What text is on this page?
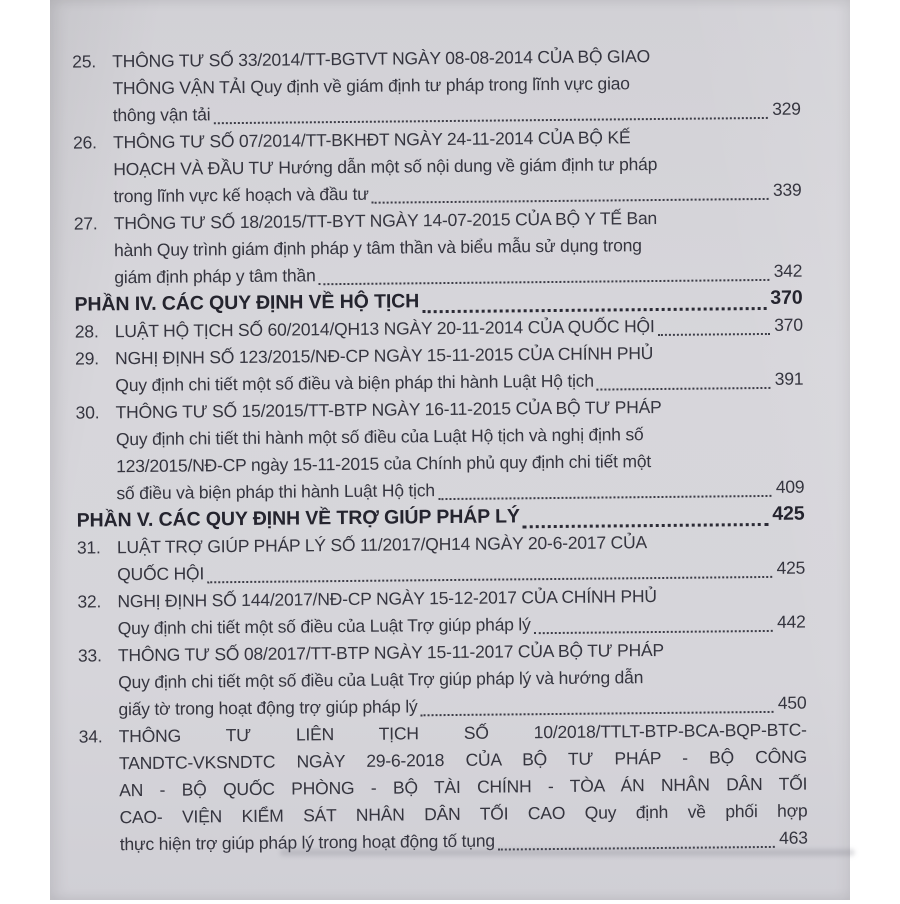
25. THÔNG TƯ SỐ 33/2014/TT-BGTVT NGÀY 08-08-2014 CỦA BỘ GIAO
THÔNG VẬN TẢI Quy định về giám định tư pháp trong lĩnh vực giao
thông vận tải	329
26. THÔNG TƯ SỐ 07/2014/TT-BKHĐT NGÀY 24-11-2014 CỦA BỘ KẾ
HOẠCH VÀ ĐẦU TƯ Hướng dẫn một số nội dung về giám định tư pháp
trong lĩnh vực kế hoạch và đầu tư	339
27. THÔNG TƯ SỐ 18/2015/TT-BYT NGÀY 14-07-2015 CỦA BỘ Y TẾ Ban
hành Quy trình giám định pháp y tâm thần và biểu mẫu sử dụng trong
giám định pháp y tâm thần	342
PHẦN IV. CÁC QUY ĐỊNH VỀ HỘ TỊCH	370
28. LUẬT HỘ TỊCH SỐ 60/2014/QH13 NGÀY 20-11-2014 CỦA QUỐC HỘI	370
29. NGHỊ ĐỊNH SỐ 123/2015/NĐ-CP NGÀY 15-11-2015 CỦA CHÍNH PHỦ
Quy định chi tiết một số điều và biện pháp thi hành Luật Hộ tịch	391
30. THÔNG TƯ SỐ 15/2015/TT-BTP NGÀY 16-11-2015 CỦA BỘ TƯ PHÁP
Quy định chi tiết thi hành một số điều của Luật Hộ tịch và nghị định số
123/2015/NĐ-CP ngày 15-11-2015 của Chính phủ quy định chi tiết một
số điều và biện pháp thi hành Luật Hộ tịch	409
PHẦN V. CÁC QUY ĐỊNH VỀ TRỢ GIÚP PHÁP LÝ	425
31. LUẬT TRỢ GIÚP PHÁP LÝ SỐ 11/2017/QH14 NGÀY 20-6-2017 CỦA
QUỐC HỘI	425
32. NGHỊ ĐỊNH SỐ 144/2017/NĐ-CP NGÀY 15-12-2017 CỦA CHÍNH PHỦ
Quy định chi tiết một số điều của Luật Trợ giúp pháp lý	442
33. THÔNG TƯ SỐ 08/2017/TT-BTP NGÀY 15-11-2017 CỦA BỘ TƯ PHÁP
Quy định chi tiết một số điều của Luật Trợ giúp pháp lý và hướng dẫn
giấy tờ trong hoạt động trợ giúp pháp lý	450
34. THÔNG TƯ LIÊN TỊCH SỐ 10/2018/TTLT-BTP-BCA-BQP-BTC-
TANDTC-VKSNDTC NGÀY 29-6-2018 CỦA BỘ TƯ PHÁP - BỘ CÔNG
AN - BỘ QUỐC PHÒNG - BỘ TÀI CHÍNH - TÒA ÁN NHÂN DÂN TỐI
CAO- VIỆN KIỂM SÁT NHÂN DÂN TỐI CAO Quy định về phối hợp
thực hiện trợ giúp pháp lý trong hoạt động tố tụng	463
